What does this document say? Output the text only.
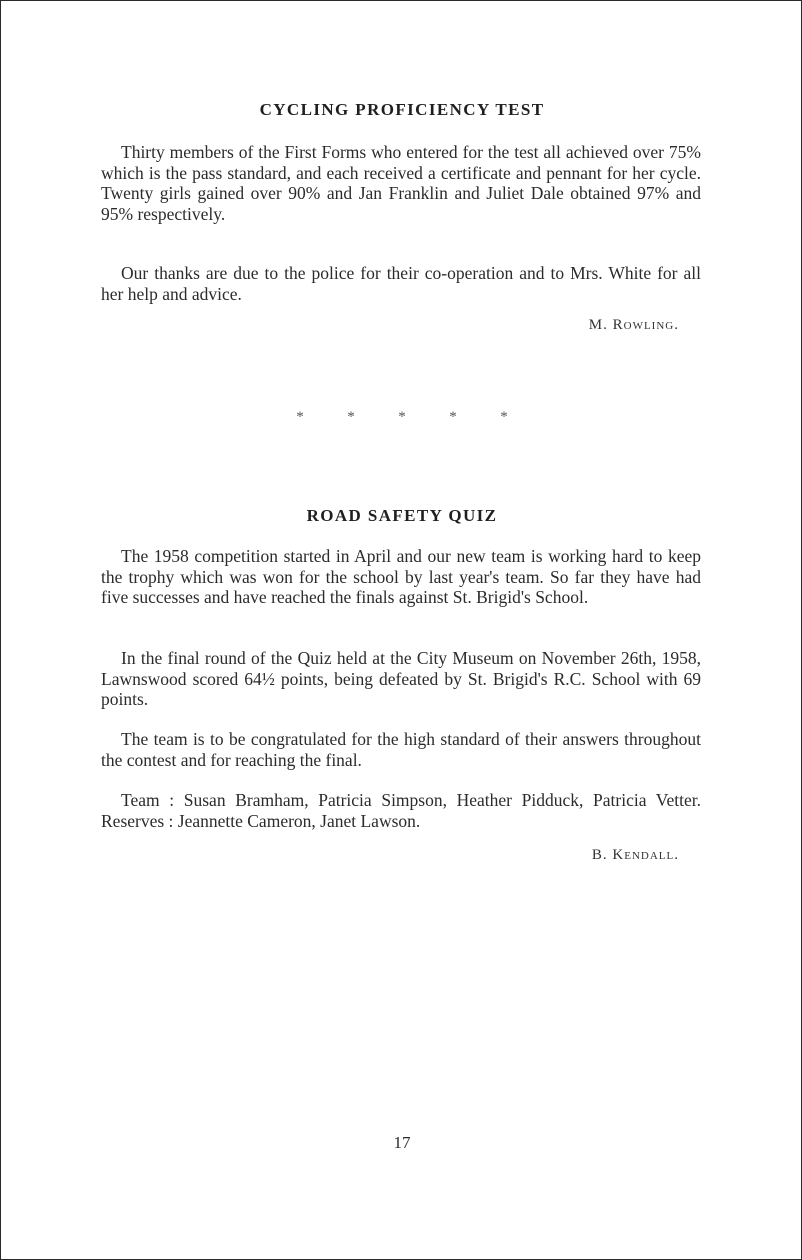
CYCLING PROFICIENCY TEST

Thirty members of the First Forms who entered for the test all achieved over 75% which is the pass standard, and each received a certificate and pennant for her cycle. Twenty girls gained over 90% and Jan Franklin and Juliet Dale obtained 97% and 95% respectively.

Our thanks are due to the police for their co-operation and to Mrs. White for all her help and advice.

M. Rowling.
*	*	*	*	*
ROAD SAFETY QUIZ

The 1958 competition started in April and our new team is working hard to keep the trophy which was won for the school by last year's team. So far they have had five successes and have reached the finals against St. Brigid's School.

In the final round of the Quiz held at the City Museum on November 26th, 1958, Lawnswood scored 64½ points, being defeated by St. Brigid's R.C. School with 69 points.

The team is to be congratulated for the high standard of their answers throughout the contest and for reaching the final.

Team : Susan Bramham, Patricia Simpson, Heather Pidduck, Patricia Vetter. Reserves : Jeannette Cameron, Janet Lawson.

B. Kendall.
17
